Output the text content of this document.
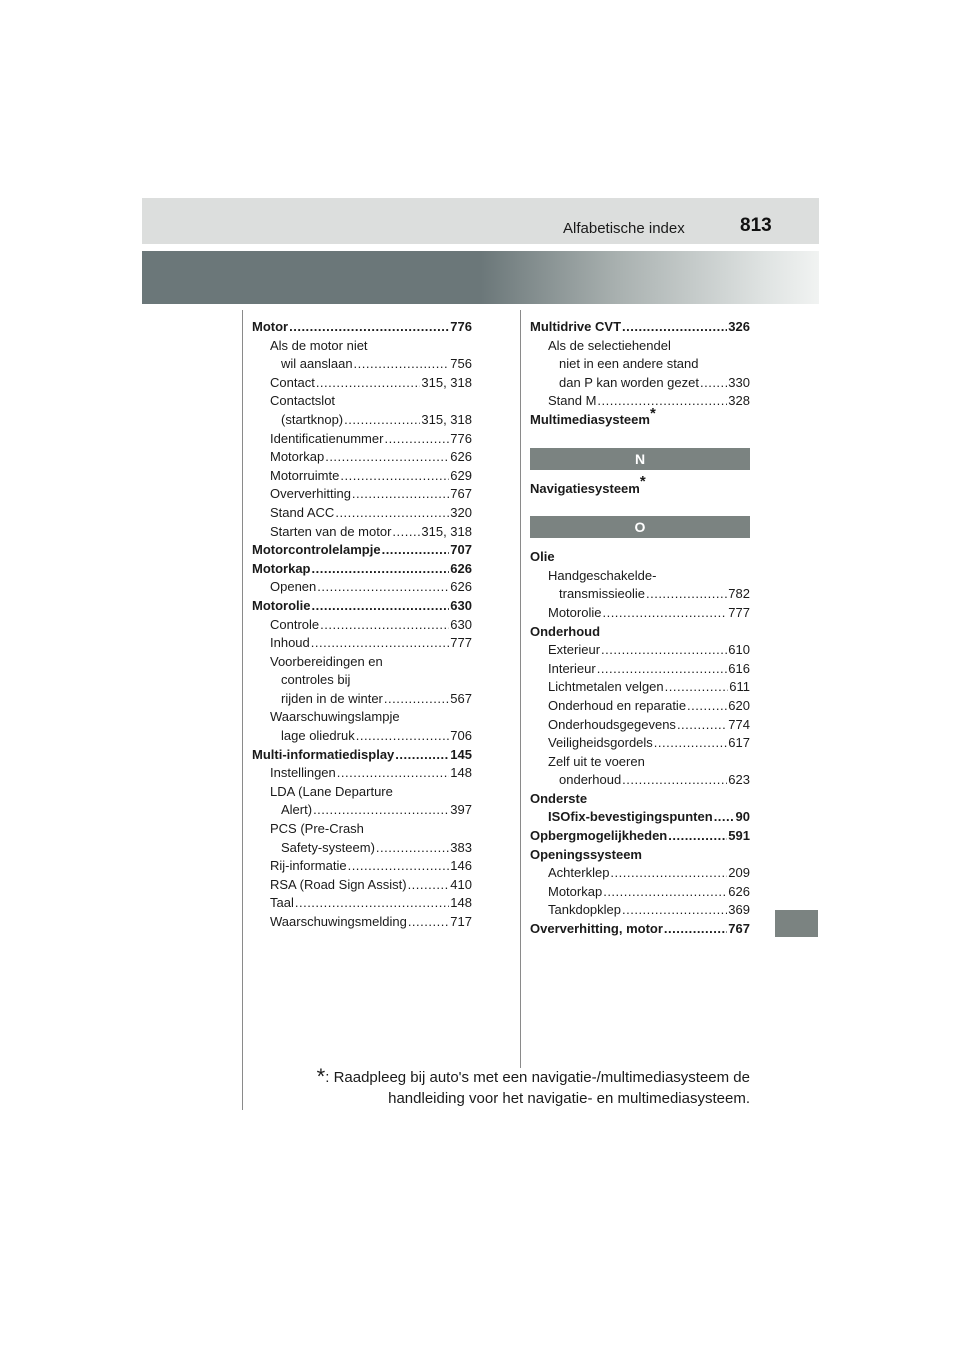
Alfabetische index	813
Motor .....	776
Als de motor niet
wil aanslaan .....	756
Contact .....	315, 318
Contactslot
(startknop) .....	315, 318
Identificatienummer .....	776
Motorkap .....	626
Motorruimte .....	629
Oververhitting .....	767
Stand ACC .....	320
Starten van de motor ..... 315, 318
Motorcontrolelampje .....	707
Motorkap .....	626
Openen .....	626
Motorolie .....	630
Controle .....	630
Inhoud .....	777
Voorbereidingen en
controles bij
rijden in de winter .....	567
Waarschuwingslampje
lage oliedruk .....	706
Multi-informatiedisplay .....	145
Instellingen .....	148
LDA (Lane Departure
Alert) .....	397
PCS (Pre-Crash
Safety-systeem) .....	383
Rij-informatie .....	146
RSA (Road Sign Assist) .....	410
Taal .....	148
Waarschuwingsmelding .....	717
Multidrive CVT .....	326
Als de selectiehendel
niet in een andere stand
dan P kan worden gezet ..... 330
Stand M .....	328
Multimediasysteem*
N
Navigatiesysteem*
O
Olie
Handgeschakelde-
transmissieolie .....	782
Motorolie .....	777
Onderhoud
Exterieur .....	610
Interieur .....	616
Lichtmetalen velgen .....	611
Onderhoud en reparatie .....	620
Onderhoudsgegevens .....	774
Veiligheidsgordels .....	617
Zelf uit te voeren
onderhoud .....	623
Onderste
ISOfix-bevestigingspunten ..... 90
Opbergmogelijkheden .....	591
Openingssysteem
Achterklep .....	209
Motorkap .....	626
Tankdopklep .....	369
Oververhitting, motor .....	767
*: Raadpleeg bij auto's met een navigatie-/multimediasysteem de
handleiding voor het navigatie- en multimediasysteem.
